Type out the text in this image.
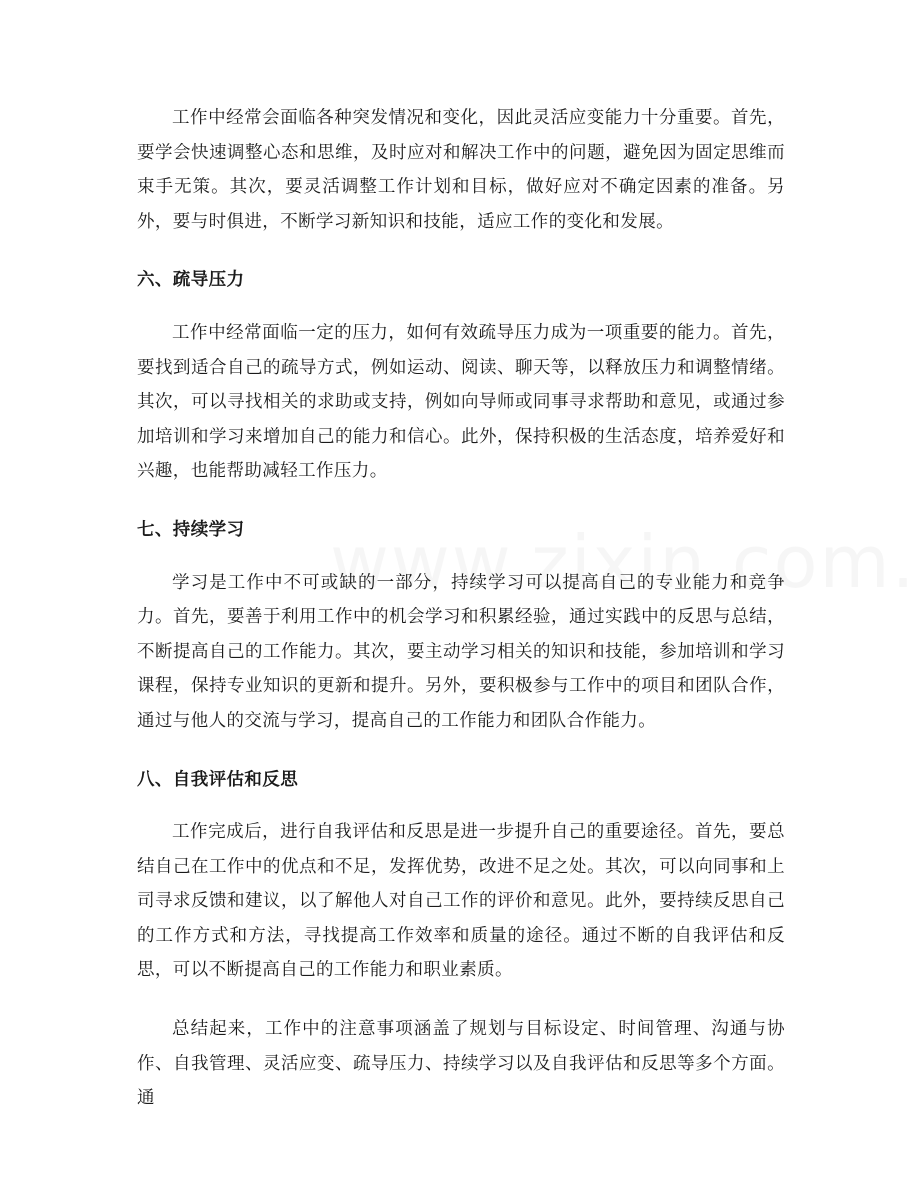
工作中经常会面临各种突发情况和变化，因此灵活应变能力十分重要。首先，要学会快速调整心态和思维，及时应对和解决工作中的问题，避免因为固定思维而束手无策。其次，要灵活调整工作计划和目标，做好应对不确定因素的准备。另外，要与时俱进，不断学习新知识和技能，适应工作的变化和发展。

六、疏导压力

工作中经常面临一定的压力，如何有效疏导压力成为一项重要的能力。首先，要找到适合自己的疏导方式，例如运动、阅读、聊天等，以释放压力和调整情绪。其次，可以寻找相关的求助或支持，例如向导师或同事寻求帮助和意见，或通过参加培训和学习来增加自己的能力和信心。此外，保持积极的生活态度，培养爱好和兴趣，也能帮助减轻工作压力。

七、持续学习

学习是工作中不可或缺的一部分，持续学习可以提高自己的专业能力和竞争力。首先，要善于利用工作中的机会学习和积累经验，通过实践中的反思与总结，不断提高自己的工作能力。其次，要主动学习相关的知识和技能，参加培训和学习课程，保持专业知识的更新和提升。另外，要积极参与工作中的项目和团队合作，通过与他人的交流与学习，提高自己的工作能力和团队合作能力。

八、自我评估和反思

工作完成后，进行自我评估和反思是进一步提升自己的重要途径。首先，要总结自己在工作中的优点和不足，发挥优势，改进不足之处。其次，可以向同事和上司寻求反馈和建议，以了解他人对自己工作的评价和意见。此外，要持续反思自己的工作方式和方法，寻找提高工作效率和质量的途径。通过不断的自我评估和反思，可以不断提高自己的工作能力和职业素质。

总结起来，工作中的注意事项涵盖了规划与目标设定、时间管理、沟通与协作、自我管理、灵活应变、疏导压力、持续学习以及自我评估和反思等多个方面。通
